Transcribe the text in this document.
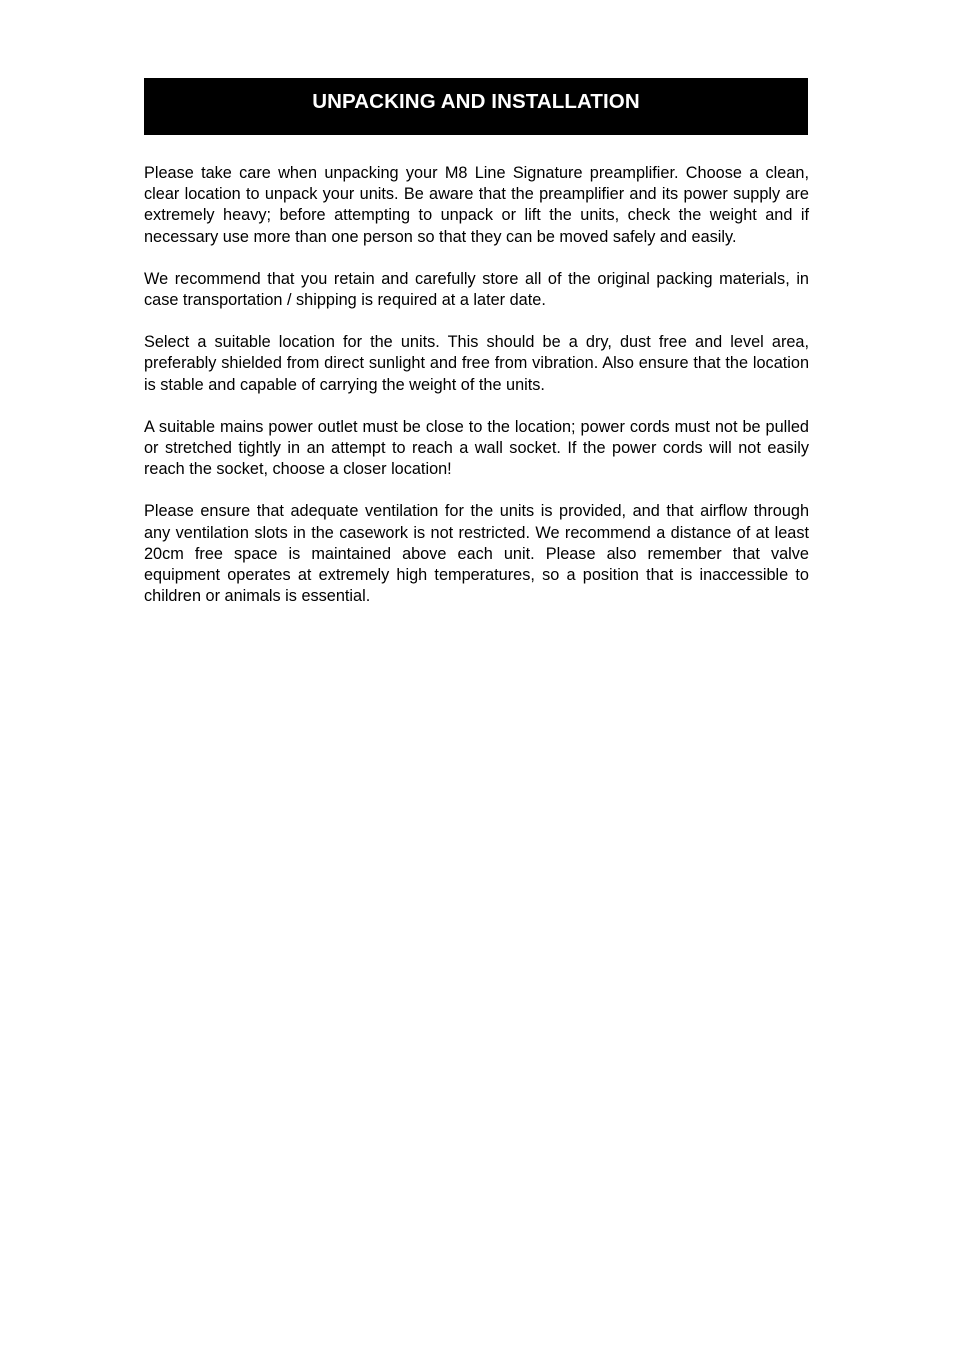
UNPACKING AND INSTALLATION

Please take care when unpacking your M8 Line Signature preamplifier. Choose a clean, clear location to unpack your units. Be aware that the preamplifier and its power supply are extremely heavy; before attempting to unpack or lift the units, check the weight and if necessary use more than one person so that they can be moved safely and easily.

We recommend that you retain and carefully store all of the original packing materials, in case transportation / shipping is required at a later date.

Select a suitable location for the units. This should be a dry, dust free and level area, preferably shielded from direct sunlight and free from vibration. Also ensure that the location is stable and capable of carrying the weight of the units.

A suitable mains power outlet must be close to the location; power cords must not be pulled or stretched tightly in an attempt to reach a wall socket. If the power cords will not easily reach the socket, choose a closer location!

Please ensure that adequate ventilation for the units is provided, and that airflow through any ventilation slots in the casework is not restricted. We recommend a distance of at least 20cm free space is maintained above each unit. Please also remember that valve equipment operates at extremely high temperatures, so a position that is inaccessible to children or animals is essential.
